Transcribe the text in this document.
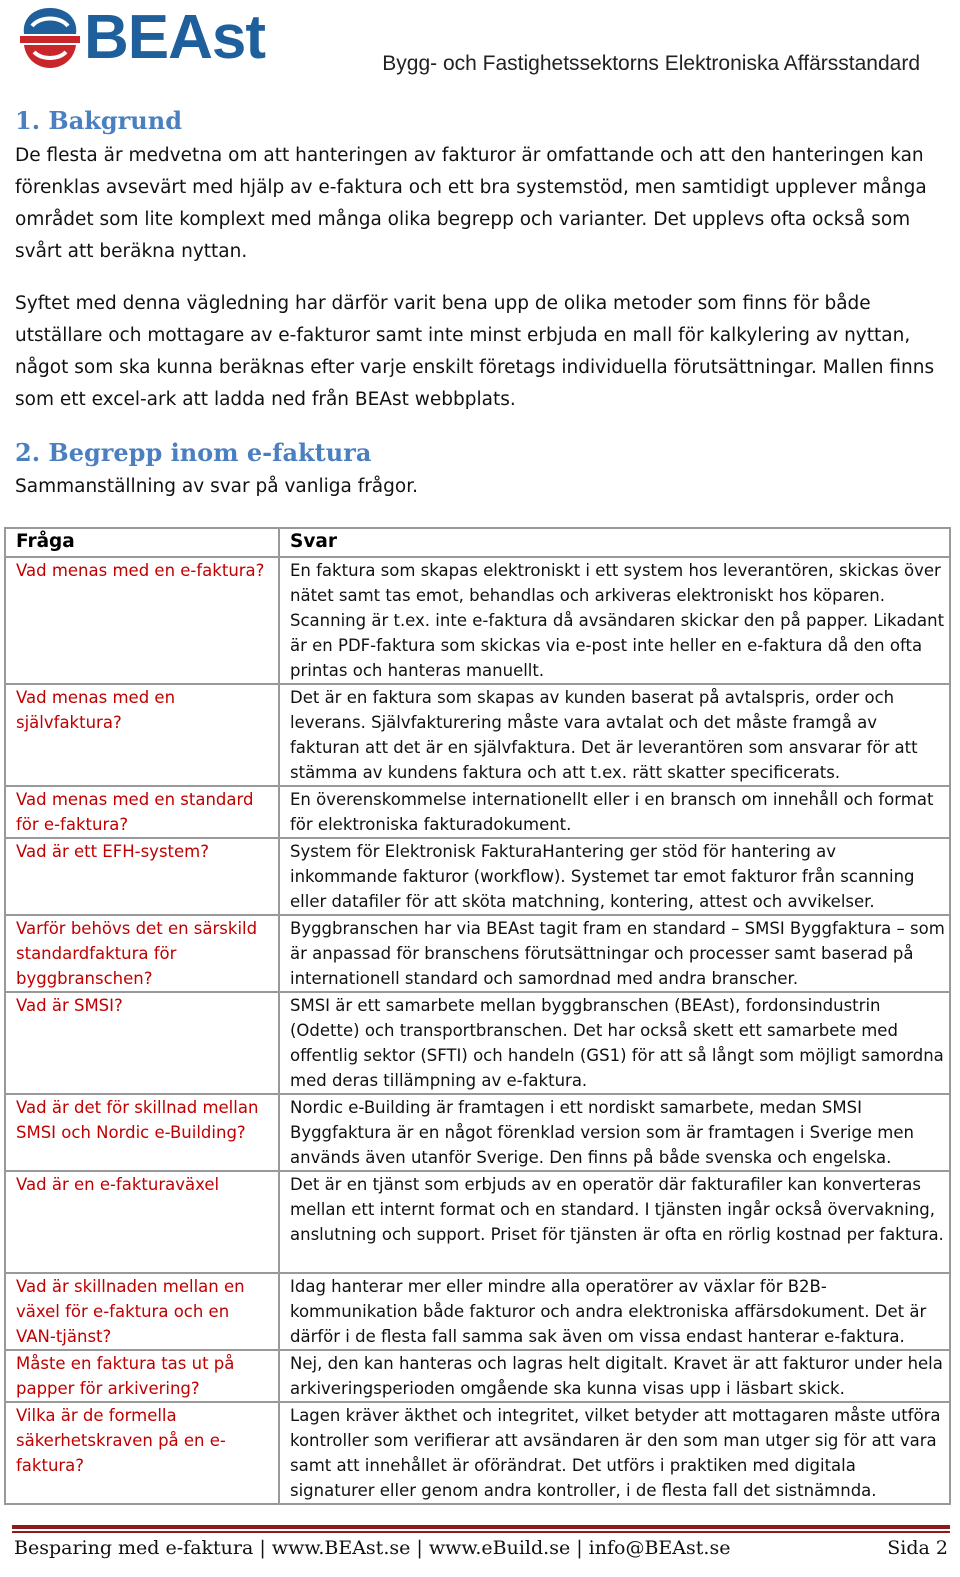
BEAst	Bygg- och Fastighetssektorns Elektroniska Affärsstandard
1. Bakgrund
De flesta är medvetna om att hanteringen av fakturor är omfattande och att den hanteringen kan förenklas avsevärt med hjälp av e-faktura och ett bra systemstöd, men samtidigt upplever många området som lite komplext med många olika begrepp och varianter. Det upplevs ofta också som svårt att beräkna nyttan.
Syftet med denna vägledning har därför varit bena upp de olika metoder som finns för både utställare och mottagare av e-fakturor samt inte minst erbjuda en mall för kalkylering av nyttan, något som ska kunna beräknas efter varje enskilt företags individuella förutsättningar. Mallen finns som ett excel-ark att ladda ned från BEAst webbplats.
2. Begrepp inom e-faktura
Sammanställning av svar på vanliga frågor.
Fråga	Svar
Vad menas med en e-faktura?	En faktura som skapas elektroniskt i ett system hos leverantören, skickas över nätet samt tas emot, behandlas och arkiveras elektroniskt hos köparen. Scanning är t.ex. inte e-faktura då avsändaren skickar den på papper. Likadant är en PDF-faktura som skickas via e-post inte heller en e-faktura då den ofta printas och hanteras manuellt.
Vad menas med en självfaktura?	Det är en faktura som skapas av kunden baserat på avtalspris, order och leverans. Självfakturering måste vara avtalat och det måste framgå av fakturan att det är en självfaktura. Det är leverantören som ansvarar för att stämma av kundens faktura och att t.ex. rätt skatter specificerats.
Vad menas med en standard för e-faktura?	En överenskommelse internationellt eller i en bransch om innehåll och format för elektroniska fakturadokument.
Vad är ett EFH-system?	System för Elektronisk FakturaHantering ger stöd för hantering av inkommande fakturor (workflow). Systemet tar emot fakturor från scanning eller datafiler för att sköta matchning, kontering, attest och avvikelser.
Varför behövs det en särskild standardfaktura för byggbranschen?	Byggbranschen har via BEAst tagit fram en standard – SMSI Byggfaktura – som är anpassad för branschens förutsättningar och processer samt baserad på internationell standard och samordnad med andra branscher.
Vad är SMSI?	SMSI är ett samarbete mellan byggbranschen (BEAst), fordonsindustrin (Odette) och transportbranschen. Det har också skett ett samarbete med offentlig sektor (SFTI) och handeln (GS1) för att så långt som möjligt samordna med deras tillämpning av e-faktura.
Vad är det för skillnad mellan SMSI och Nordic e-Building?	Nordic e-Building är framtagen i ett nordiskt samarbete, medan SMSI Byggfaktura är en något förenklad version som är framtagen i Sverige men används även utanför Sverige. Den finns på både svenska och engelska.
Vad är en e-fakturaväxel	Det är en tjänst som erbjuds av en operatör där fakturafiler kan konverteras mellan ett internt format och en standard. I tjänsten ingår också övervakning, anslutning och support. Priset för tjänsten är ofta en rörlig kostnad per faktura.
Vad är skillnaden mellan en växel för e-faktura och en VAN-tjänst?	Idag hanterar mer eller mindre alla operatörer av växlar för B2B-kommunikation både fakturor och andra elektroniska affärsdokument. Det är därför i de flesta fall samma sak även om vissa endast hanterar e-faktura.
Måste en faktura tas ut på papper för arkivering?	Nej, den kan hanteras och lagras helt digitalt. Kravet är att fakturor under hela arkiveringsperioden omgående ska kunna visas upp i läsbart skick.
Vilka är de formella säkerhetskraven på en e-faktura?	Lagen kräver äkthet och integritet, vilket betyder att mottagaren måste utföra kontroller som verifierar att avsändaren är den som man utger sig för att vara samt att innehållet är oförändrat. Det utförs i praktiken med digitala signaturer eller genom andra kontroller, i de flesta fall det sistnämnda.
Besparing med e-faktura | www.BEAst.se | www.eBuild.se | info@BEAst.se	Sida 2
